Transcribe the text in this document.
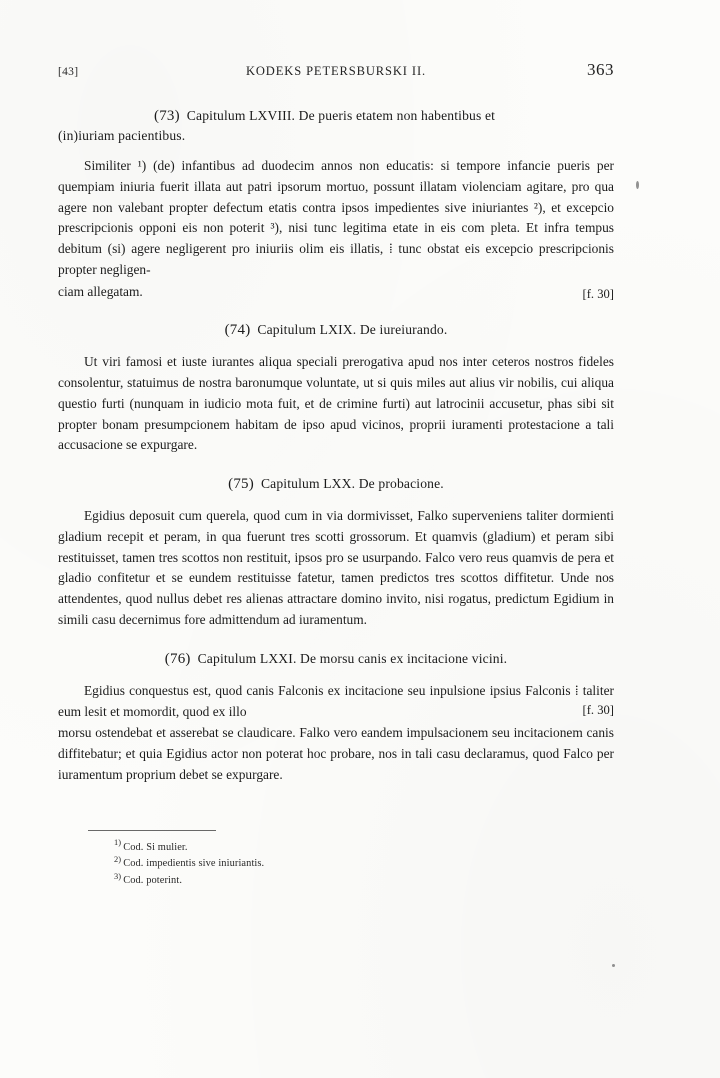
[43]	KODEKS PETERSBURSKI II.	363
(73) Capitulum LXVIII. De pueris etatem non habentibus et
(in)iuriam pacientibus.
[f. 30]

Similiter ¹) (de) infantibus ad duodecim annos non educatis: si tempore infancie pueris per quempiam iniuria fuerit illata aut patri ipsorum mortuo, possunt illatam violenciam agitare, pro qua agere non valebant propter defectum etatis contra ipsos impedientes sive iniuriantes ²), et excepcio prescripcionis opponi eis non poterit ³), nisi tunc legitima etate in eis com pleta. Et infra tempus debitum (si) agere negligerent pro iniuriis olim eis illatis, ⁞ tunc obstat eis excepcio prescripcionis propter negligen-

ciam allegatam.

(74) Capitulum LXIX. De iureiurando.

Ut viri famosi et iuste iurantes aliqua speciali prerogativa apud nos inter ceteros nostros fideles consolentur, statuimus de nostra baronumque voluntate, ut si quis miles aut alius vir nobilis, cui aliqua questio furti (nunquam in iudicio mota fuit, et de crimine furti) aut latrocinii accusetur, phas sibi sit propter bonam presumpcionem habitam de ipso apud vicinos, proprii iuramenti protestacione a tali accusacione se expurgare.

(75) Capitulum LXX. De probacione.

Egidius deposuit cum querela, quod cum in via dormivisset, Falko superveniens taliter dormienti gladium recepit et peram, in qua fuerunt tres scotti grossorum. Et quamvis (gladium) et peram sibi restituisset, tamen tres scottos non restituit, ipsos pro se usurpando. Falco vero reus quamvis de pera et gladio confitetur et se eundem restituisse fatetur, tamen predictos tres scottos diffitetur. Unde nos attendentes, quod nullus debet res alienas attractare domino invito, nisi rogatus, predictum Egidium in simili casu decernimus fore admittendum ad iuramentum.

(76) Capitulum LXXI. De morsu canis ex incitacione vicini.
[f. 30]

Egidius conquestus est, quod canis Falconis ex incitacione seu inpulsione ipsius Falconis ⁞ taliter eum lesit et momordit, quod ex illo

morsu ostendebat et asserebat se claudicare. Falko vero eandem impulsacionem seu incitacionem canis diffitebatur; et quia Egidius actor non poterat hoc probare, nos in tali casu declaramus, quod Falco per iuramentum proprium debet se expurgare.

$^{1)}$ Cod. Si mulier.
$^{2)}$ Cod. impedientis sive iniuriantis.
$^{3)}$ Cod. poterint.
